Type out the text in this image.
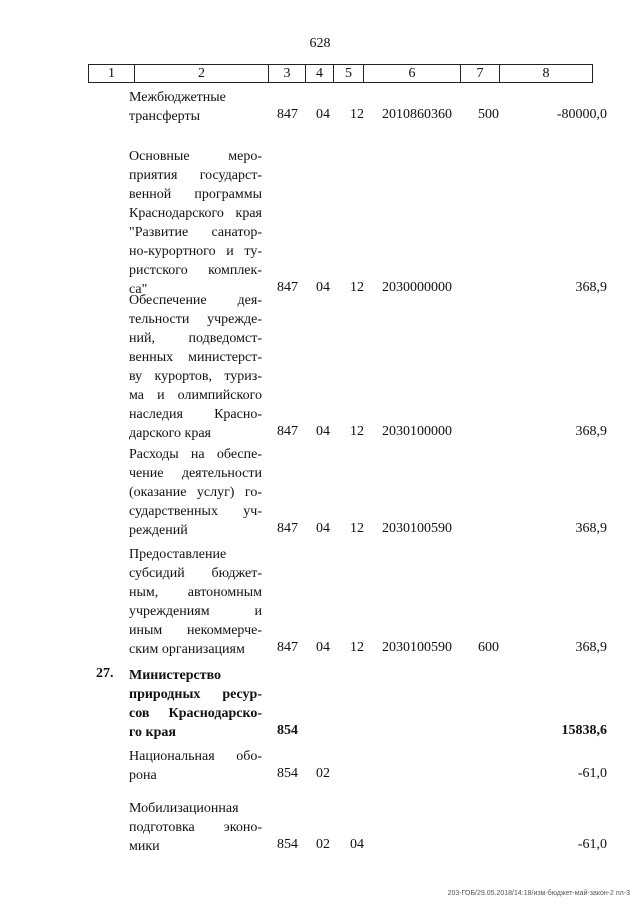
628
1	2	3	4	5	6	7	8
Межбюджетные
трансферты	847 04 12 2010860360 500	-80000,0
Основные меро-
приятия государст-
венной программы
Краснодарского края
"Развитие санатор-
но-курортного и ту-
ристского комплек-
са"	847 04 12 2030000000	368,9
Обеспечение дея-
тельности учрежде-
ний, подведомст-
венных министерст-
ву курортов, туриз-
ма и олимпийского
наследия Красно-
дарского края	847 04 12 2030100000	368,9
Расходы на обеспе-
чение деятельности
(оказание услуг) го-
сударственных уч-
реждений	847 04 12 2030100590	368,9
Предоставление
субсидий бюджет-
ным, автономным
учреждениям и
иным некоммерче-
ским организациям	847 04 12 2030100590 600	368,9
27. Министерство
природных ресур-
сов Краснодарско-
го края	854	15838,6
Национальная обо-
рона	854 02	-61,0
Мобилизационная
подготовка эконо-
мики	854 02 04	-61,0
203-ГОБ/29.05.2018/14:18/изм-бюджет-май-закон-2 пл-3
